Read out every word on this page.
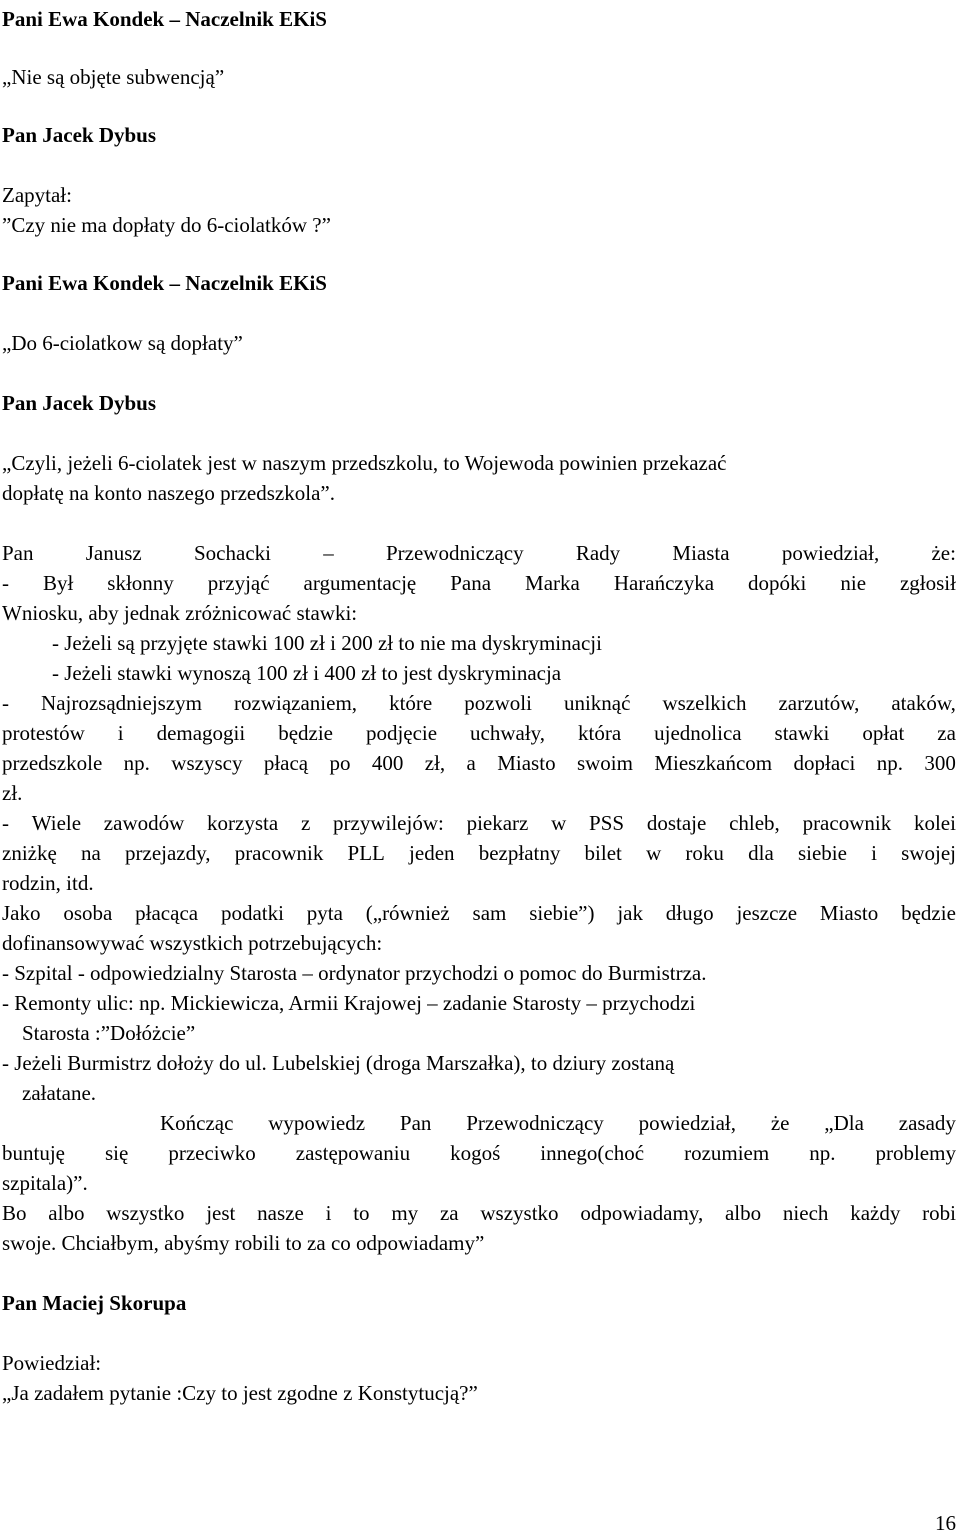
Pani Ewa Kondek – Naczelnik EKiS

„Nie są objęte subwencją”

Pan Jacek Dybus

Zapytał:

”Czy nie ma dopłaty do 6-ciolatków ?”

Pani Ewa Kondek – Naczelnik EKiS

„Do 6-ciolatkow są dopłaty”

Pan Jacek Dybus

„Czyli, jeżeli 6-ciolatek jest w naszym przedszkolu, to Wojewoda powinien przekazać

dopłatę na konto naszego przedszkola”.

Pan Janusz Sochacki – Przewodniczący Rady Miasta powiedział, że:
- Był skłonny przyjąć argumentację Pana Marka Harańczyka dopóki nie zgłosił

Wniosku, aby jednak zróżnicować stawki:

- Jeżeli są przyjęte stawki 100 zł i 200 zł to nie ma dyskryminacji

- Jeżeli stawki wynoszą 100 zł i 400 zł to jest dyskryminacja

- Najrozsądniejszym rozwiązaniem, które pozwoli uniknąć wszelkich zarzutów, ataków,
protestów i demagogii będzie podjęcie uchwały, która ujednolica stawki opłat za
przedszkole np. wszyscy płacą po 400 zł, a Miasto swoim Mieszkańcom dopłaci np. 300

zł.

- Wiele zawodów korzysta z przywilejów: piekarz w PSS dostaje chleb, pracownik kolei
zniżkę na przejazdy, pracownik PLL jeden bezpłatny bilet w roku dla siebie i swojej

rodzin, itd.

Jako osoba płacąca podatki pyta („również sam siebie”) jak długo jeszcze Miasto będzie

dofinansowywać wszystkich potrzebujących:

- Szpital - odpowiedzialny Starosta – ordynator przychodzi o pomoc do Burmistrza.

- Remonty ulic: np. Mickiewicza, Armii Krajowej – zadanie Starosty – przychodzi

Starosta :”Dołóżcie”

- Jeżeli Burmistrz dołoży do ul. Lubelskiej (droga Marszałka), to dziury zostaną

załatane.

Kończąc wypowiedz Pan Przewodniczący powiedział, że „Dla zasady
buntuję się przeciwko zastępowaniu kogoś innego(choć rozumiem np. problemy

szpitala)”.

Bo albo wszystko jest nasze i to my za wszystko odpowiadamy, albo niech każdy robi

swoje. Chciałbym, abyśmy robili to za co odpowiadamy”

Pan Maciej Skorupa

Powiedział:

„Ja zadałem pytanie :Czy to jest zgodne z Konstytucją?”

16
